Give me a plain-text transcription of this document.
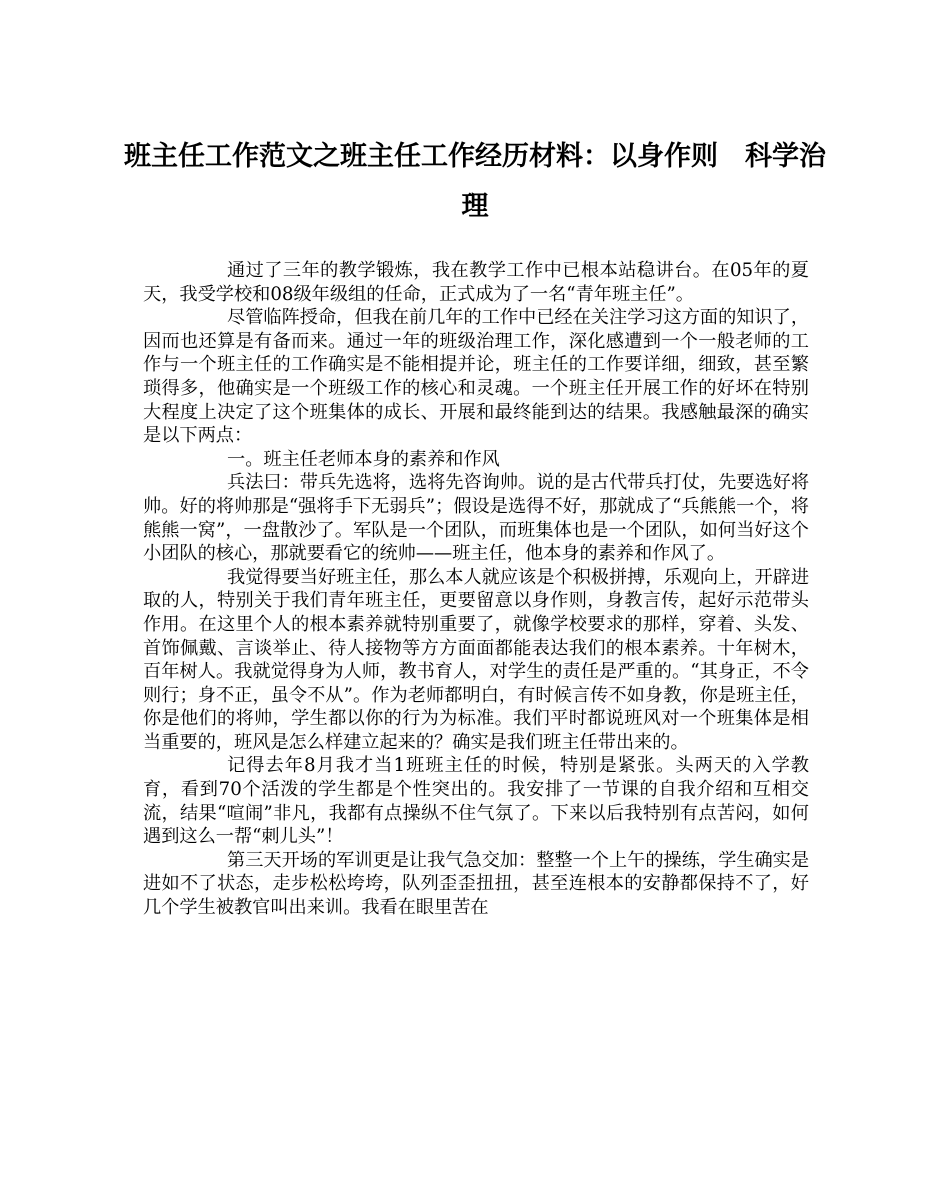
班主任工作范文之班主任工作经历材料：以身作则　科学治理

通过了三年的教学锻炼，我在教学工作中已根本站稳讲台。在05年的夏天，我受学校和08级年级组的任命，正式成为了一名“青年班主任”。

尽管临阵授命，但我在前几年的工作中已经在关注学习这方面的知识了，因而也还算是有备而来。通过一年的班级治理工作，深化感遭到一个一般老师的工作与一个班主任的工作确实是不能相提并论，班主任的工作要详细，细致，甚至繁琐得多，他确实是一个班级工作的核心和灵魂。一个班主任开展工作的好坏在特别大程度上决定了这个班集体的成长、开展和最终能到达的结果。我感触最深的确实是以下两点：

一。班主任老师本身的素养和作风

兵法曰：带兵先选将，选将先咨询帅。说的是古代带兵打仗，先要选好将帅。好的将帅那是“强将手下无弱兵”；假设是选得不好，那就成了“兵熊熊一个，将熊熊一窝”，一盘散沙了。军队是一个团队，而班集体也是一个团队，如何当好这个小团队的核心，那就要看它的统帅——班主任，他本身的素养和作风了。

我觉得要当好班主任，那么本人就应该是个积极拼搏，乐观向上，开辟进取的人，特别关于我们青年班主任，更要留意以身作则，身教言传，起好示范带头作用。在这里个人的根本素养就特别重要了，就像学校要求的那样，穿着、头发、首饰佩戴、言谈举止、待人接物等方方面面都能表达我们的根本素养。十年树木，百年树人。我就觉得身为人师，教书育人，对学生的责任是严重的。“其身正，不令则行；身不正，虽令不从”。作为老师都明白，有时候言传不如身教，你是班主任，你是他们的将帅，学生都以你的行为为标准。我们平时都说班风对一个班集体是相当重要的，班风是怎么样建立起来的？确实是我们班主任带出来的。

记得去年8月我才当1班班主任的时候，特别是紧张。头两天的入学教育，看到70个活泼的学生都是个性突出的。我安排了一节课的自我介绍和互相交流，结果“喧闹”非凡，我都有点操纵不住气氛了。下来以后我特别有点苦闷，如何遇到这么一帮“刺儿头”！

第三天开场的军训更是让我气急交加：整整一个上午的操练，学生确实是进如不了状态，走步松松垮垮，队列歪歪扭扭，甚至连根本的安静都保持不了，好几个学生被教官叫出来训。我看在眼里苦在
